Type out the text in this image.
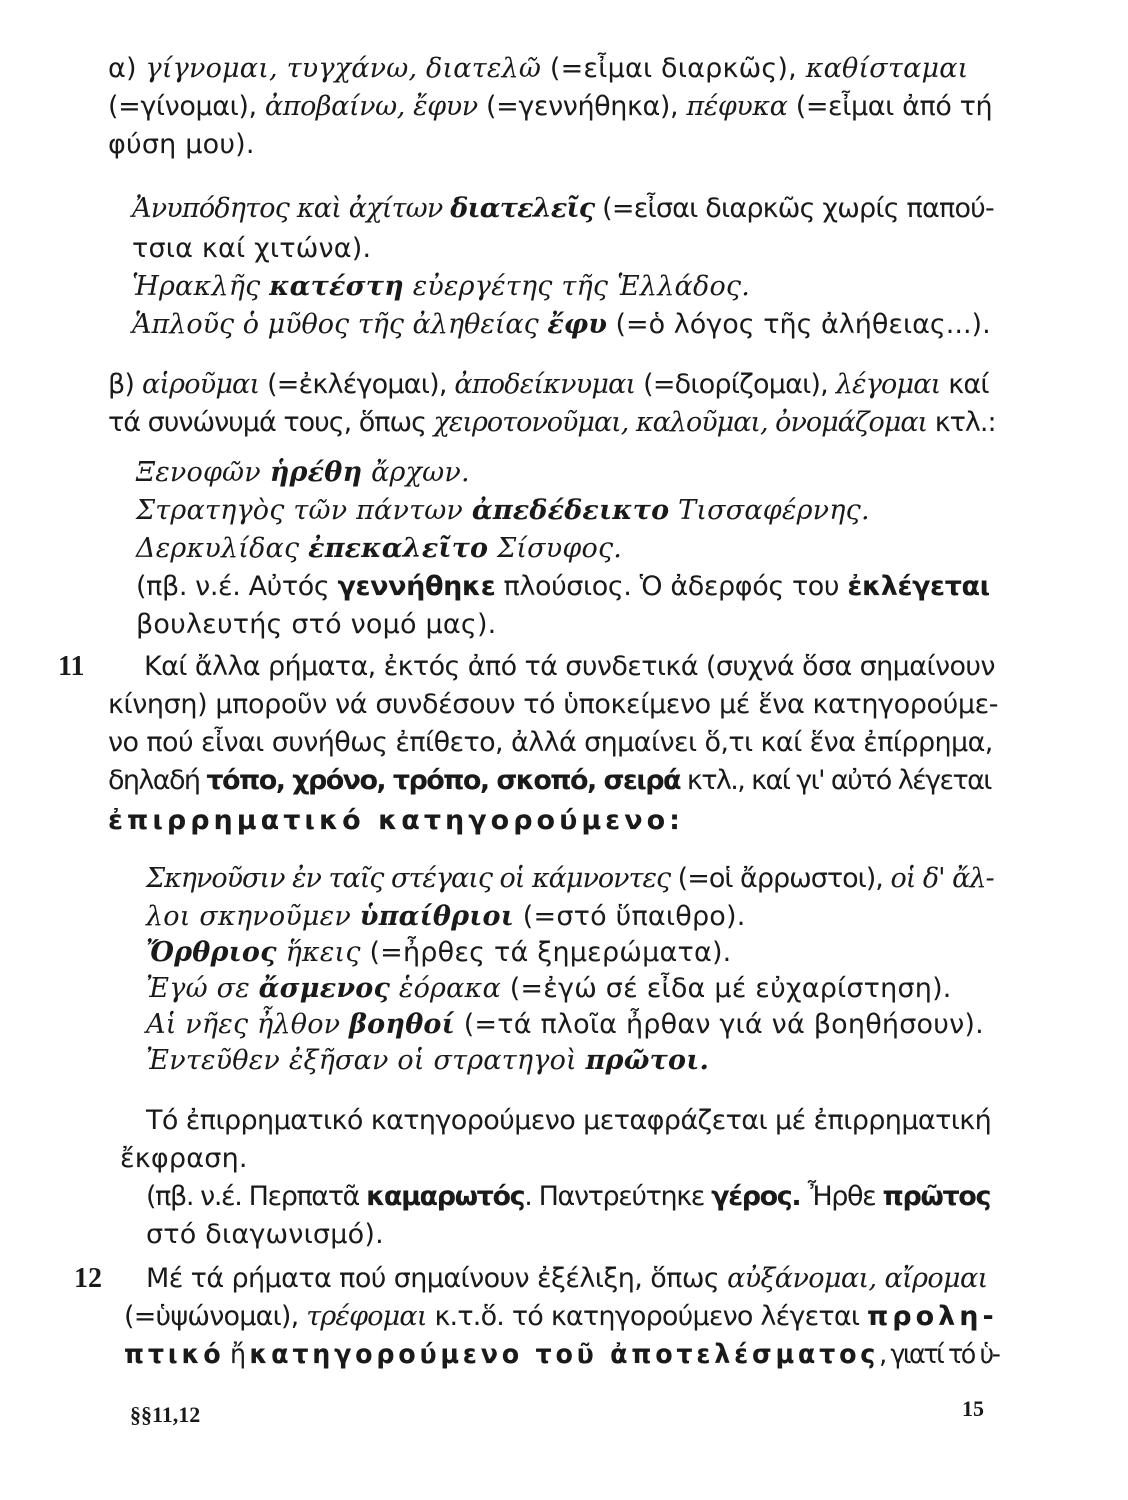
α) γίγνομαι, τυγχάνω, διατελῶ (=εἶμαι διαρκῶς), καθίσταμαι
(=γίνομαι), ἀποβαίνω, ἔφυν (=γεννήθηκα), πέφυκα (=εἶμαι ἀπό τή
φύση μου).
Ἀνυπόδητος καὶ ἀχίτων διατελεῖς (=εἶσαι διαρκῶς χωρίς παπού-
τσια καί χιτώνα).
Ἡρακλῆς κατέστη εὐεργέτης τῆς Ἑλλάδος.
Ἁπλοῦς ὁ μῦθος τῆς ἀληθείας ἔφυ (=ὁ λόγος τῆς ἀλήθειας...).
β) αἱροῦμαι (=ἐκλέγομαι), ἀποδείκνυμαι (=διορίζομαι), λέγομαι καί
τά συνώνυμά τους, ὅπως χειροτονοῦμαι, καλοῦμαι, ὀνομάζομαι κτλ.:
Ξενοφῶν ἡρέθη ἄρχων.
Στρατηγὸς τῶν πάντων ἀπεδέδεικτο Τισσαφέρνης.
Δερκυλίδας ἐπεκαλεῖτο Σίσυφος.
(πβ. ν.έ. Αὐτός γεννήθηκε πλούσιος. Ὁ ἀδερφός του ἐκλέγεται
βουλευτής στό νομό μας).
11 Καί ἄλλα ρήματα, ἐκτός ἀπό τά συνδετικά (συχνά ὅσα σημαίνουν
κίνηση) μποροῦν νά συνδέσουν τό ὑποκείμενο μέ ἕνα κατηγορούμε-
νο πού εἶναι συνήθως ἐπίθετο, ἀλλά σημαίνει ὅ,τι καί ἕνα ἐπίρρημα,
δηλαδή τόπο, χρόνο, τρόπο, σκοπό, σειρά κτλ., καί γι' αὐτό λέγεται
ἐπιρρηματικό κατηγορούμενο:
Σκηνοῦσιν ἐν ταῖς στέγαις οἱ κάμνοντες (=οἱ ἄρρωστοι), οἱ δ' ἄλ-
λοι σκηνοῦμεν ὑπαίθριοι (=στό ὕπαιθρο).
Ὄρθριος ἥκεις (=ἦρθες τά ξημερώματα).
Ἐγώ σε ἄσμενος ἑόρακα (=ἐγώ σέ εἶδα μέ εὐχαρίστηση).
Αἱ νῆες ἦλθον βοηθοί (=τά πλοῖα ἦρθαν γιά νά βοηθήσουν).
Ἐντεῦθεν ἐξῆσαν οἱ στρατηγοὶ πρῶτοι.
Τό ἐπιρρηματικό κατηγορούμενο μεταφράζεται μέ ἐπιρρηματική
ἔκφραση.
(πβ. ν.έ. Περπατᾶ καμαρωτός. Παντρεύτηκε γέρος. Ἦρθε πρῶτος
στό διαγωνισμό).
12 Μέ τά ρήματα πού σημαίνουν ἐξέλιξη, ὅπως αὐξάνομαι, αἴρομαι
(=ὑψώνομαι), τρέφομαι κ.τ.ὅ. τό κατηγορούμενο λέγεται προλη-
πτικό ἤ κατηγορούμενο τοῦ ἀποτελέσματος, γιατί τό ὑ-
§§11,12	15
